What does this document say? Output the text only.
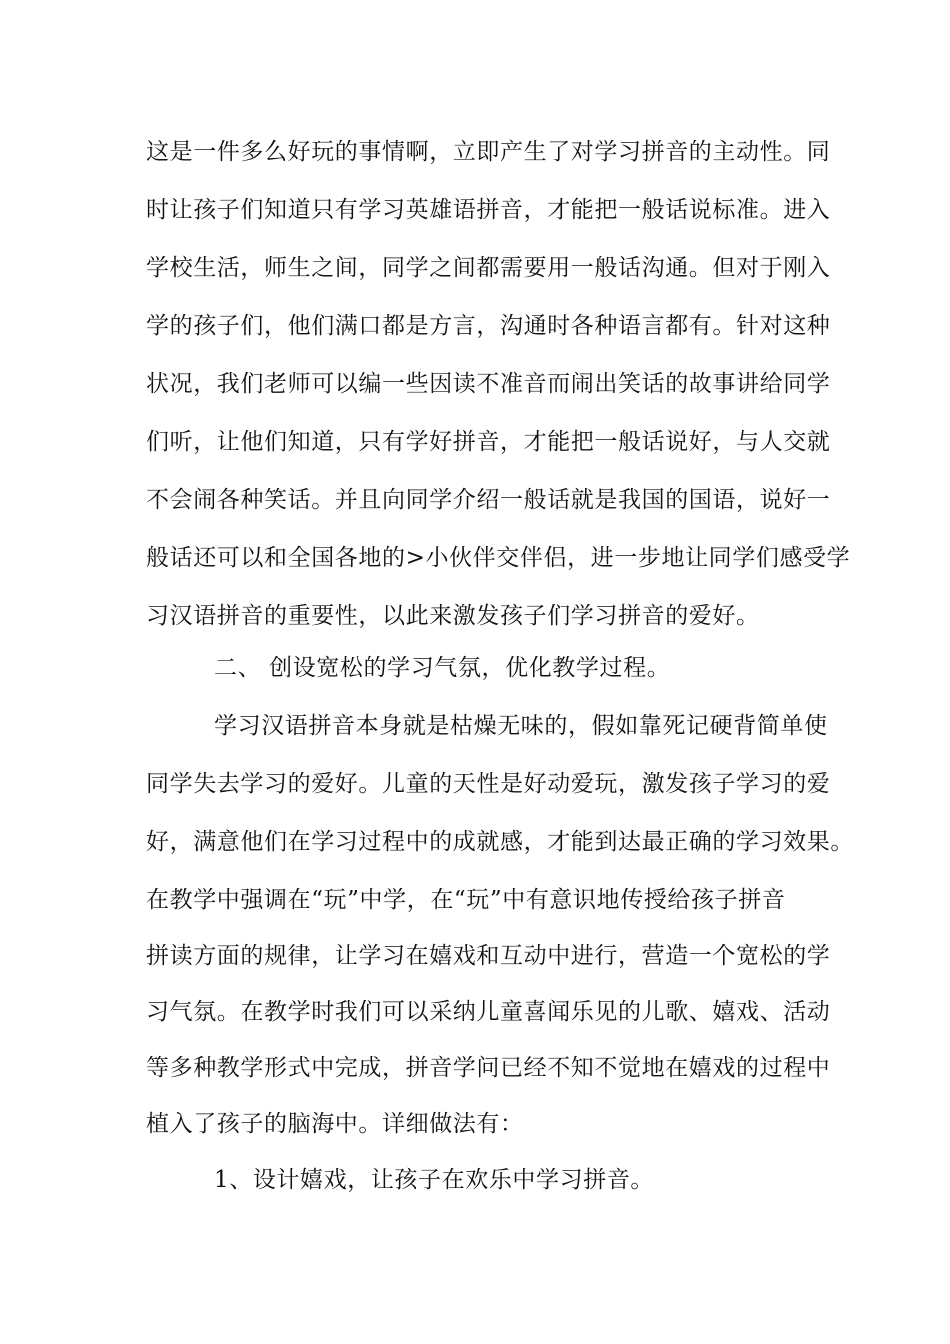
这是一件多么好玩的事情啊，立即产生了对学习拼音的主动性。同
时让孩子们知道只有学习英雄语拼音，才能把一般话说标准。进入
学校生活，师生之间，同学之间都需要用一般话沟通。但对于刚入
学的孩子们，他们满口都是方言，沟通时各种语言都有。针对这种
状况，我们老师可以编一些因读不准音而闹出笑话的故事讲给同学
们听，让他们知道，只有学好拼音，才能把一般话说好，与人交就
不会闹各种笑话。并且向同学介绍一般话就是我国的国语，说好一
般话还可以和全国各地的>小伙伴交伴侣，进一步地让同学们感受学
习汉语拼音的重要性，以此来激发孩子们学习拼音的爱好。
二、 创设宽松的学习气氛，优化教学过程。
学习汉语拼音本身就是枯燥无味的，假如靠死记硬背简单使
同学失去学习的爱好。儿童的天性是好动爱玩，激发孩子学习的爱
好，满意他们在学习过程中的成就感，才能到达最正确的学习效果。
在教学中强调在“玩”中学，在“玩”中有意识地传授给孩子拼音
拼读方面的规律，让学习在嬉戏和互动中进行，营造一个宽松的学
习气氛。在教学时我们可以采纳儿童喜闻乐见的儿歌、嬉戏、活动
等多种教学形式中完成，拼音学问已经不知不觉地在嬉戏的过程中
植入了孩子的脑海中。详细做法有：
1、设计嬉戏，让孩子在欢乐中学习拼音。
